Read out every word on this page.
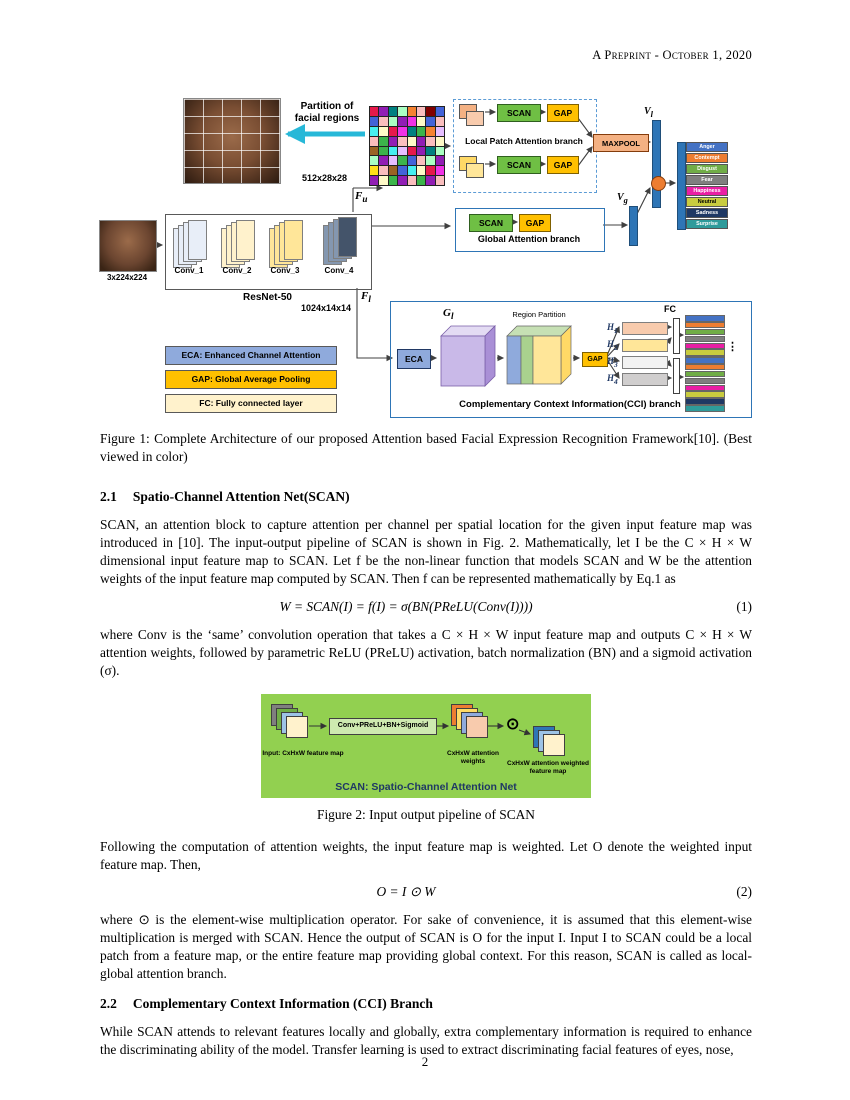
A Preprint - October 1, 2020
Partition of facial regions
512x28x28
$F_u$
SCAN	GAP
SCAN	GAP
Local Patch Attention branch	MAXPOOL
$V_l$
Anger
Contempt
Disgust
Fear
Happiness
Neutral
Sadness
Surprise
SCAN	GAP
Global Attention branch
$V_g$
Conv_1	Conv_2	Conv_3	Conv_4
ResNet-50
3x224x224
$F_l$
1024x14x14
ECA: Enhanced Channel Attention
GAP: Global Average Pooling
FC: Fully connected layer
ECA
$G_l$	Region Partition
GAP
$H_1$
$H_2$
$H_3$
$H_4$
FC
⋮
Complementary Context Information(CCI) branch
Figure 1: Complete Architecture of our proposed Attention based Facial Expression Recognition Framework[10]. (Best viewed in color)
2.1 Spatio-Channel Attention Net(SCAN)

SCAN, an attention block to capture attention per channel per spatial location for the given input feature map was introduced in [10]. The input-output pipeline of SCAN is shown in Fig. 2. Mathematically, let I be the C × H × W dimensional input feature map to SCAN. Let f be the non-linear function that models SCAN and W be the attention weights of the input feature map computed by SCAN. Then f can be represented mathematically by Eq.1 as

W = SCAN(I) = f(I) = σ(BN(PReLU(Conv(I))))	(1)

where Conv is the ‘same’ convolution operation that takes a C × H × W input feature map and outputs C × H × W attention weights, followed by parametric ReLU (PReLU) activation, batch normalization (BN) and a sigmoid activation (σ).

Conv+PReLU+BN+Sigmoid	⊙
Input: CxHxW feature map	CxHxW attention weights	CxHxW attention weighted feature map
SCAN: Spatio-Channel Attention Net
Figure 2: Input output pipeline of SCAN

Following the computation of attention weights, the input feature map is weighted. Let O denote the weighted input feature map. Then,

O = I ⊙ W	(2)

where ⊙ is the element-wise multiplication operator. For sake of convenience, it is assumed that this element-wise multiplication is merged with SCAN. Hence the output of SCAN is O for the input I. Input I to SCAN could be a local patch from a feature map, or the entire feature map providing global context. For this reason, SCAN is called as local-global attention branch.

2.2 Complementary Context Information (CCI) Branch

While SCAN attends to relevant features locally and globally, extra complementary information is required to enhance the discriminating ability of the model. Transfer learning is used to extract discriminating facial features of eyes, nose,

2
